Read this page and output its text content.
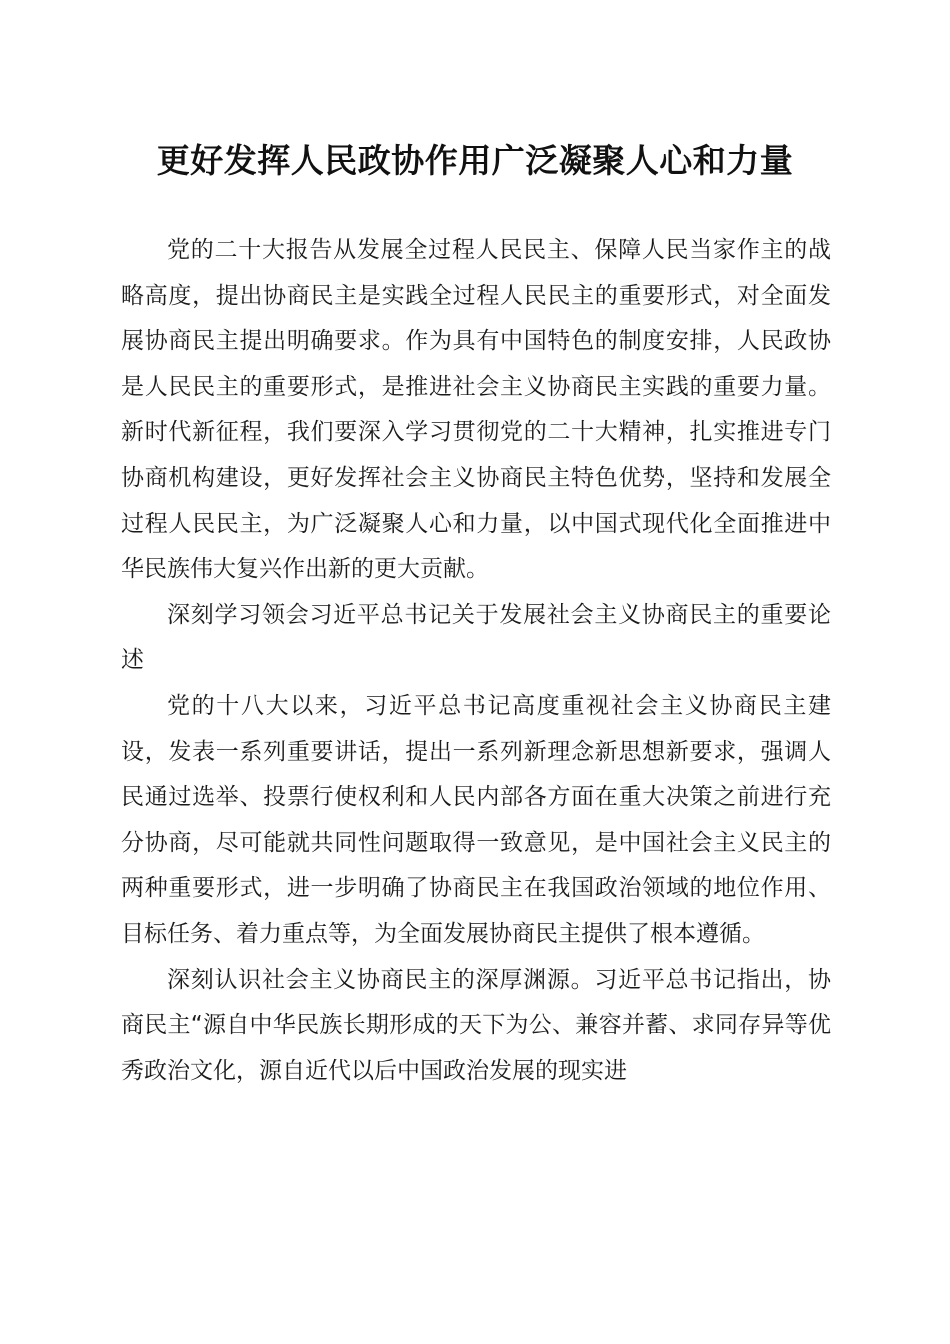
更好发挥人民政协作用广泛凝聚人心和力量

党的二十大报告从发展全过程人民民主、保障人民当家作主的战略高度，提出协商民主是实践全过程人民民主的重要形式，对全面发展协商民主提出明确要求。作为具有中国特色的制度安排，人民政协是人民民主的重要形式，是推进社会主义协商民主实践的重要力量。新时代新征程，我们要深入学习贯彻党的二十大精神，扎实推进专门协商机构建设，更好发挥社会主义协商民主特色优势，坚持和发展全过程人民民主，为广泛凝聚人心和力量，以中国式现代化全面推进中华民族伟大复兴作出新的更大贡献。

深刻学习领会习近平总书记关于发展社会主义协商民主的重要论述

党的十八大以来，习近平总书记高度重视社会主义协商民主建设，发表一系列重要讲话，提出一系列新理念新思想新要求，强调人民通过选举、投票行使权利和人民内部各方面在重大决策之前进行充分协商，尽可能就共同性问题取得一致意见，是中国社会主义民主的两种重要形式，进一步明确了协商民主在我国政治领域的地位作用、目标任务、着力重点等，为全面发展协商民主提供了根本遵循。

深刻认识社会主义协商民主的深厚渊源。习近平总书记指出，协商民主“源自中华民族长期形成的天下为公、兼容并蓄、求同存异等优秀政治文化，源自近代以后中国政治发展的现实进
